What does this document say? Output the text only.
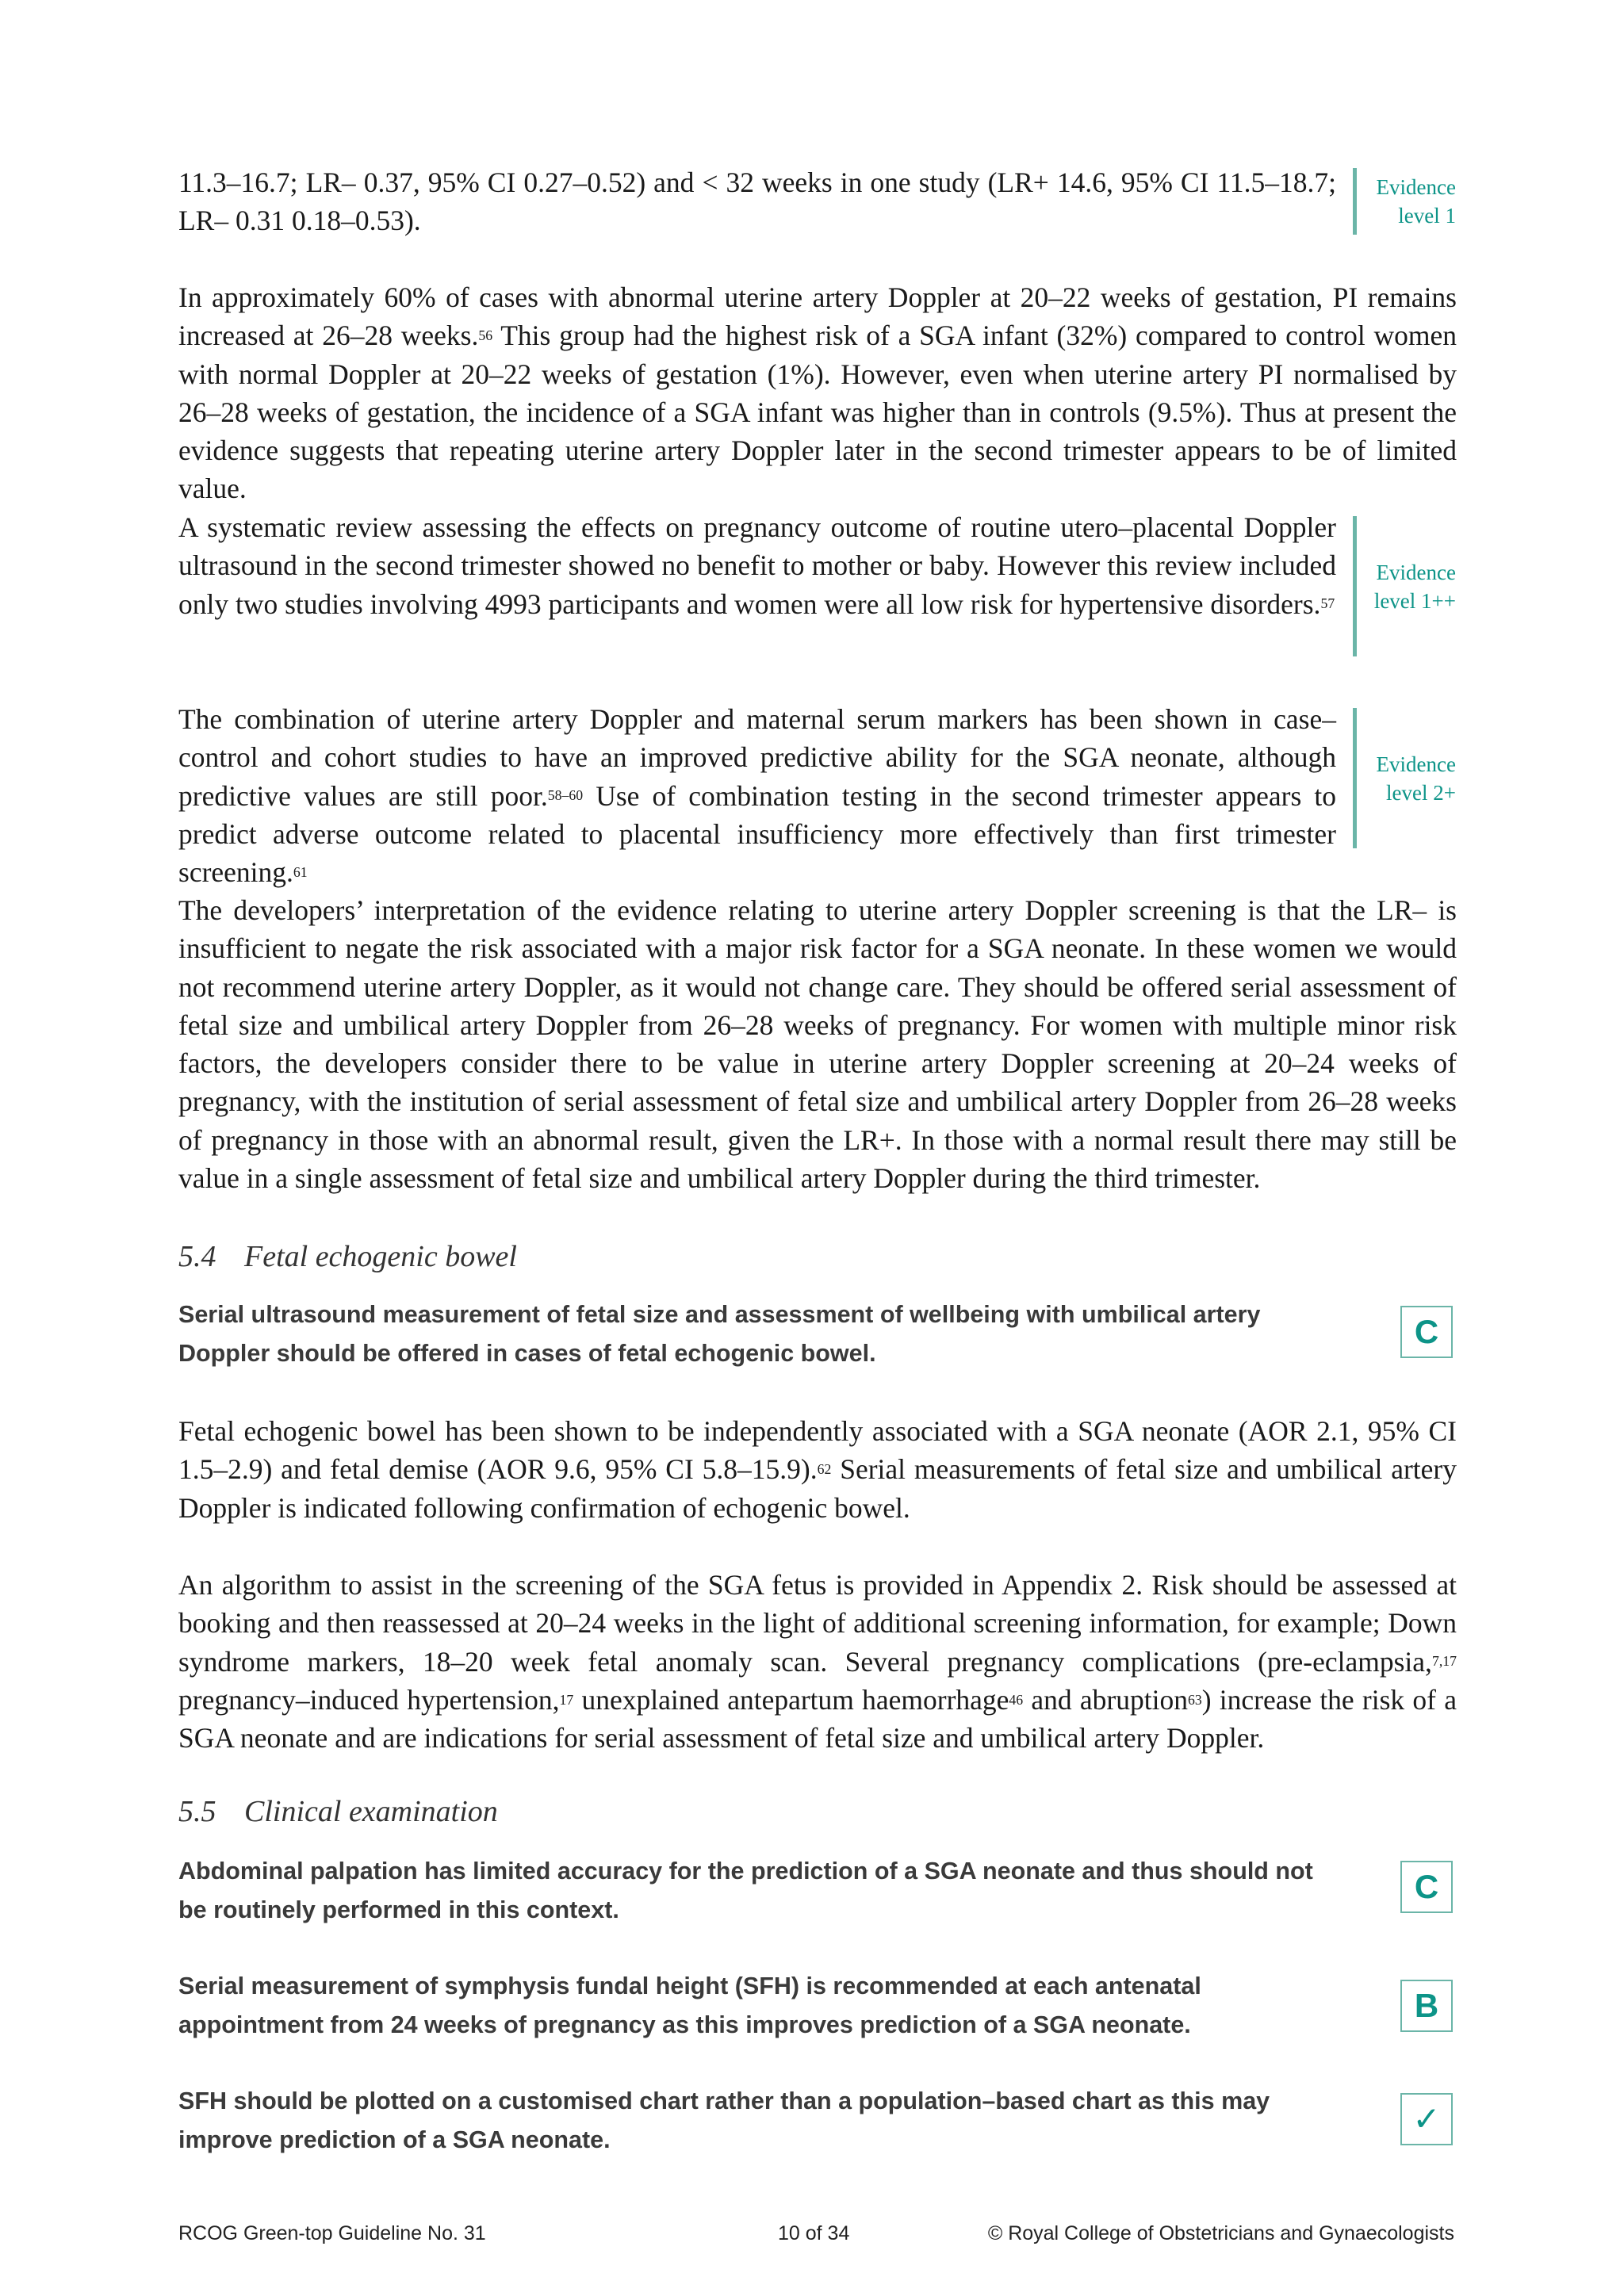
11.3–16.7; LR– 0.37, 95% CI 0.27–0.52) and < 32 weeks in one study (LR+ 14.6, 95% CI 11.5–18.7; LR– 0.31 0.18–0.53).

Evidence
level 1

In approximately 60% of cases with abnormal uterine artery Doppler at 20–22 weeks of gestation, PI remains increased at 26–28 weeks.$^{56}$ This group had the highest risk of a SGA infant (32%) compared to control women with normal Doppler at 20–22 weeks of gestation (1%). However, even when uterine artery PI normalised by 26–28 weeks of gestation, the incidence of a SGA infant was higher than in controls (9.5%). Thus at present the evidence suggests that repeating uterine artery Doppler later in the second trimester appears to be of limited value.

A systematic review assessing the effects on pregnancy outcome of routine utero–placental Doppler ultrasound in the second trimester showed no benefit to mother or baby. However this review included only two studies involving 4993 participants and women were all low risk for hypertensive disorders.$^{57}$

Evidence
level 1++

The combination of uterine artery Doppler and maternal serum markers has been shown in case–control and cohort studies to have an improved predictive ability for the SGA neonate, although predictive values are still poor.$^{58-60}$ Use of combination testing in the second trimester appears to predict adverse outcome related to placental insufficiency more effectively than first trimester screening.$^{61}$

Evidence
level 2+

The developers’ interpretation of the evidence relating to uterine artery Doppler screening is that the LR– is insufficient to negate the risk associated with a major risk factor for a SGA neonate. In these women we would not recommend uterine artery Doppler, as it would not change care. They should be offered serial assessment of fetal size and umbilical artery Doppler from 26–28 weeks of pregnancy. For women with multiple minor risk factors, the developers consider there to be value in uterine artery Doppler screening at 20–24 weeks of pregnancy, with the institution of serial assessment of fetal size and umbilical artery Doppler from 26–28 weeks of pregnancy in those with an abnormal result, given the LR+. In those with a normal result there may still be value in a single assessment of fetal size and umbilical artery Doppler during the third trimester.

5.4 Fetal echogenic bowel

Serial ultrasound measurement of fetal size and assessment of wellbeing with umbilical artery Doppler should be offered in cases of fetal echogenic bowel.

C

Fetal echogenic bowel has been shown to be independently associated with a SGA neonate (AOR 2.1, 95% CI 1.5–2.9) and fetal demise (AOR 9.6, 95% CI 5.8–15.9).$^{62}$ Serial measurements of fetal size and umbilical artery Doppler is indicated following confirmation of echogenic bowel.

An algorithm to assist in the screening of the SGA fetus is provided in Appendix 2. Risk should be assessed at booking and then reassessed at 20–24 weeks in the light of additional screening information, for example; Down syndrome markers, 18–20 week fetal anomaly scan. Several pregnancy complications (pre-eclampsia,$^{7,17}$ pregnancy–induced hypertension,$^{17}$ unexplained antepartum haemorrhage$^{46}$ and abruption$^{63}$) increase the risk of a SGA neonate and are indications for serial assessment of fetal size and umbilical artery Doppler.

5.5 Clinical examination

Abdominal palpation has limited accuracy for the prediction of a SGA neonate and thus should not be routinely performed in this context.

C

Serial measurement of symphysis fundal height (SFH) is recommended at each antenatal appointment from 24 weeks of pregnancy as this improves prediction of a SGA neonate.

B

SFH should be plotted on a customised chart rather than a population–based chart as this may improve prediction of a SGA neonate.

✓
RCOG Green-top Guideline No. 31	10 of 34	© Royal College of Obstetricians and Gynaecologists
